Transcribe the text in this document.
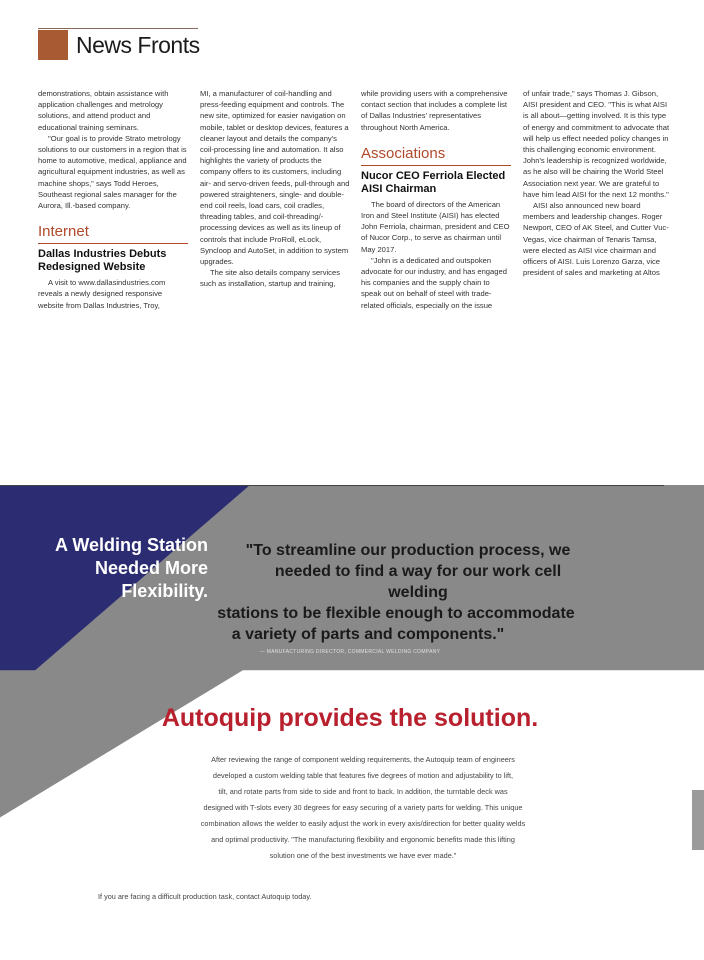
News Fronts

demonstrations, obtain assistance with application challenges and metrology solutions, and attend product and educational training seminars.

"Our goal is to provide Strato metrology solutions to our customers in a region that is home to automotive, medical, appliance and agricultural equipment industries, as well as machine shops," says Todd Heroes, Southeast regional sales manager for the Aurora, Ill.-based company.

Internet
Dallas Industries Debuts Redesigned Website

A visit to www.dallasindustries.com reveals a newly designed responsive website from Dallas Industries, Troy,

MI, a manufacturer of coil-handling and press-feeding equipment and controls. The new site, optimized for easier navigation on mobile, tablet or desktop devices, features a cleaner layout and details the company's coil-processing line and automation. It also highlights the variety of products the company offers to its customers, including air- and servo-driven feeds, pull-through and powered straighteners, single- and double-end coil reels, load cars, coil cradles, threading tables, and coil-threading/-processing devices as well as its lineup of controls that include ProRoll, eLock, Syncloop and AutoSet, in addition to system upgrades.

The site also details company services such as installation, startup and training,

while providing users with a comprehensive contact section that includes a complete list of Dallas Industries' representatives throughout North America.

Associations
Nucor CEO Ferriola Elected AISI Chairman

The board of directors of the American Iron and Steel Institute (AISI) has elected John Ferriola, chairman, president and CEO of Nucor Corp., to serve as chairman until May 2017.

"John is a dedicated and outspoken advocate for our industry, and has engaged his companies and the supply chain to speak out on behalf of steel with trade-related officials, especially on the issue

of unfair trade," says Thomas J. Gibson, AISI president and CEO. "This is what AISI is all about—getting involved. It is this type of energy and commitment to advocate that will help us effect needed policy changes in this challenging economic environment. John's leadership is recognized worldwide, as he also will be chairing the World Steel Association next year. We are grateful to have him lead AISI for the next 12 months."

AISI also announced new board members and leadership changes. Roger Newport, CEO of AK Steel, and Cutter Vuc-Vegas, vice chairman of Tenaris Tamsa, were elected as AISI vice chairman and officers of AISI. Luis Lorenzo Garza, vice president of sales and marketing at Altos

A Welding Station
Needed More
Flexibility.
"To streamline our production process, we
needed to find a way for our work cell welding
stations to be flexible enough to accommodate
a variety of parts and components."
— MANUFACTURING DIRECTOR, COMMERCIAL WELDING COMPANY
Autoquip provides the solution.
After reviewing the range of component welding requirements, the Autoquip team of engineers
developed a custom welding table that features five degrees of motion and adjustability to lift,
tilt, and rotate parts from side to side and front to back. In addition, the turntable deck was
designed with T-slots every 30 degrees for easy securing of a variety parts for welding. This unique
combination allows the welder to easily adjust the work in every axis/direction for better quality welds
and optimal productivity. "The manufacturing flexibility and ergonomic benefits made this lifting
solution one of the best investments we have ever made."
If you are facing a difficult production task, contact Autoquip today.
